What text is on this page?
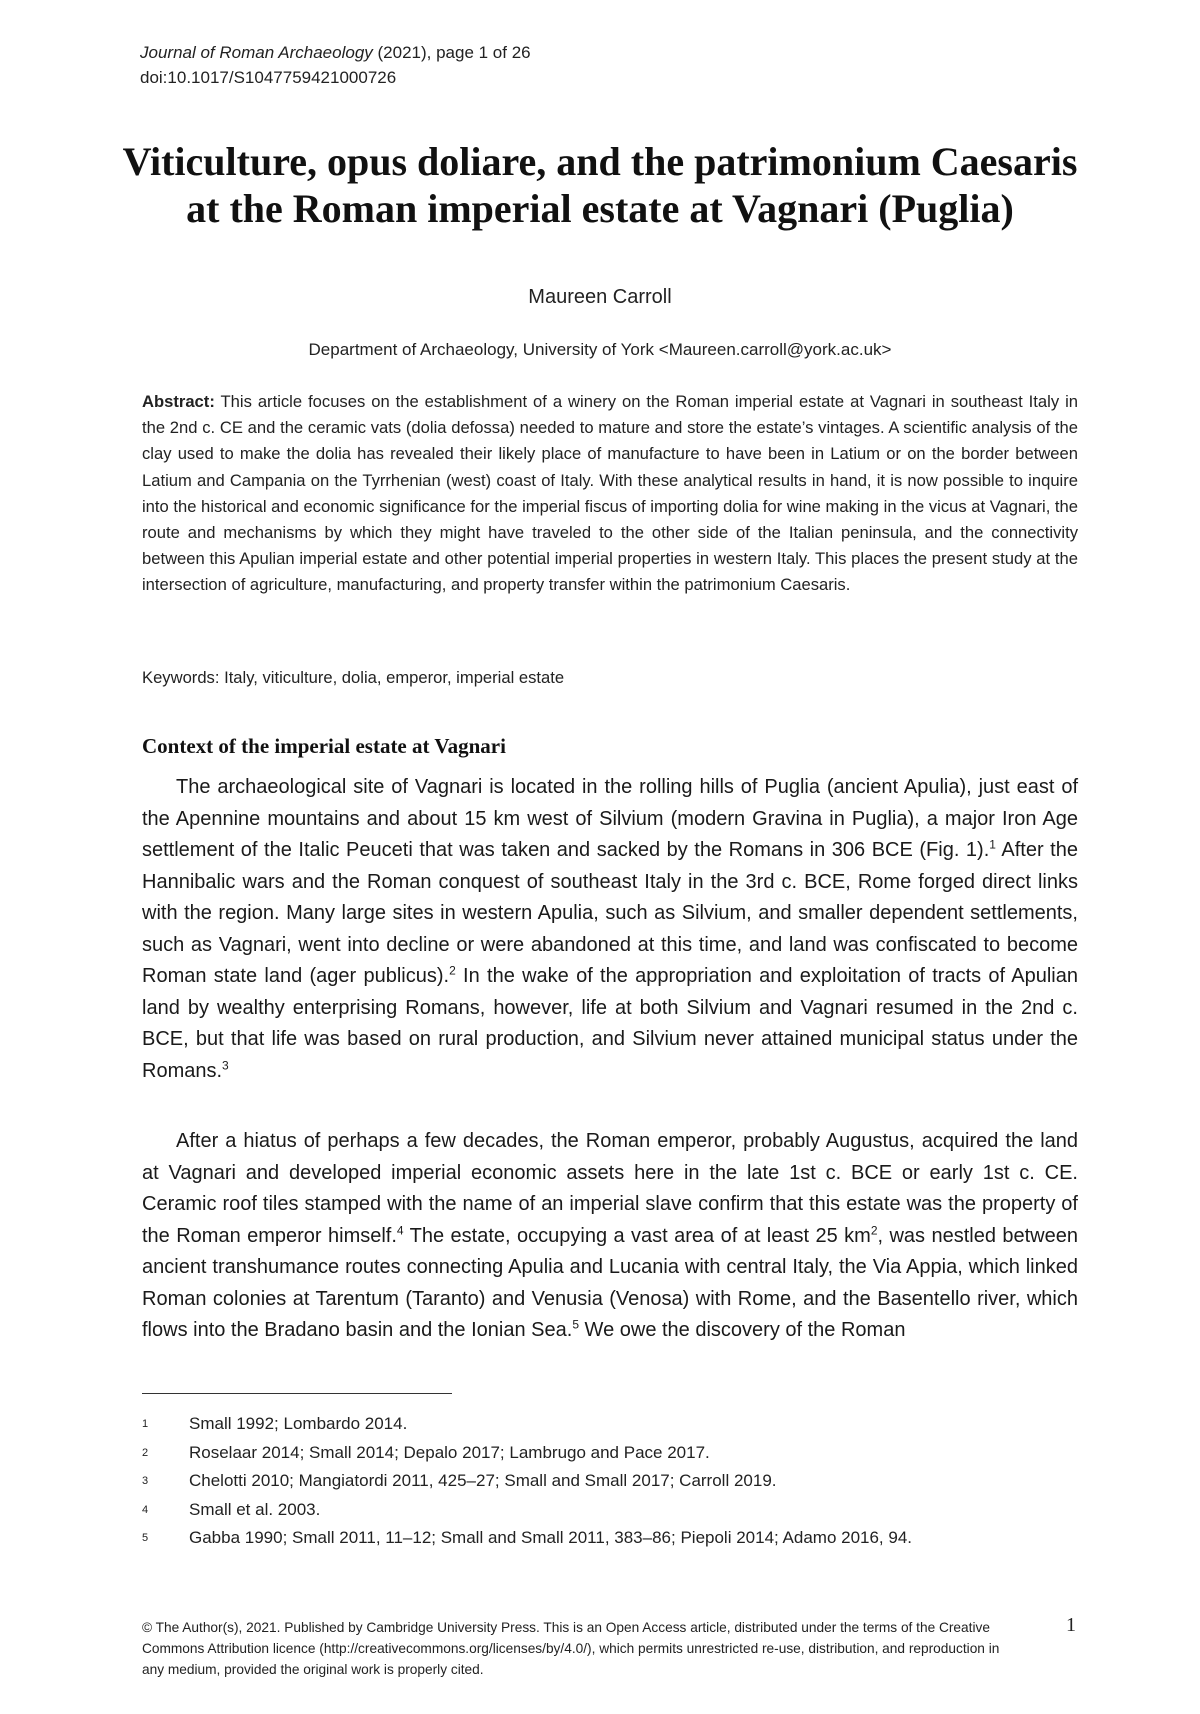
Journal of Roman Archaeology (2021), page 1 of 26
doi:10.1017/S1047759421000726
Viticulture, opus doliare, and the patrimonium Caesaris at the Roman imperial estate at Vagnari (Puglia)
Maureen Carroll
Department of Archaeology, University of York <Maureen.carroll@york.ac.uk>
Abstract: This article focuses on the establishment of a winery on the Roman imperial estate at Vagnari in southeast Italy in the 2nd c. CE and the ceramic vats (dolia defossa) needed to mature and store the estate’s vintages. A scientific analysis of the clay used to make the dolia has revealed their likely place of manufacture to have been in Latium or on the border between Latium and Campania on the Tyrrhenian (west) coast of Italy. With these analytical results in hand, it is now possible to inquire into the historical and economic significance for the imperial fiscus of importing dolia for wine making in the vicus at Vagnari, the route and mechanisms by which they might have traveled to the other side of the Italian peninsula, and the connectivity between this Apulian imperial estate and other potential imperial properties in western Italy. This places the present study at the intersection of agriculture, manufacturing, and property transfer within the patrimonium Caesaris.
Keywords: Italy, viticulture, dolia, emperor, imperial estate
Context of the imperial estate at Vagnari
The archaeological site of Vagnari is located in the rolling hills of Puglia (ancient Apulia), just east of the Apennine mountains and about 15 km west of Silvium (modern Gravina in Puglia), a major Iron Age settlement of the Italic Peuceti that was taken and sacked by the Romans in 306 BCE (Fig. 1).$^1$ After the Hannibalic wars and the Roman conquest of southeast Italy in the 3rd c. BCE, Rome forged direct links with the region. Many large sites in western Apulia, such as Silvium, and smaller dependent settlements, such as Vagnari, went into decline or were abandoned at this time, and land was confiscated to become Roman state land (ager publicus).$^2$ In the wake of the appropriation and exploitation of tracts of Apulian land by wealthy enterprising Romans, however, life at both Silvium and Vagnari resumed in the 2nd c. BCE, but that life was based on rural production, and Silvium never attained municipal status under the Romans.$^3$
After a hiatus of perhaps a few decades, the Roman emperor, probably Augustus, acquired the land at Vagnari and developed imperial economic assets here in the late 1st c. BCE or early 1st c. CE. Ceramic roof tiles stamped with the name of an imperial slave confirm that this estate was the property of the Roman emperor himself.$^4$ The estate, occupying a vast area of at least 25 $km^2$, was nestled between ancient transhumance routes connecting Apulia and Lucania with central Italy, the Via Appia, which linked Roman colonies at Tarentum (Taranto) and Venusia (Venosa) with Rome, and the Basentello river, which flows into the Bradano basin and the Ionian Sea.$^5$ We owe the discovery of the Roman
1	Small 1992; Lombardo 2014.
2	Roselaar 2014; Small 2014; Depalo 2017; Lambrugo and Pace 2017.
3	Chelotti 2010; Mangiatordi 2011, 425–27; Small and Small 2017; Carroll 2019.
4	Small et al. 2003.
5	Gabba 1990; Small 2011, 11–12; Small and Small 2011, 383–86; Piepoli 2014; Adamo 2016, 94.
© The Author(s), 2021. Published by Cambridge University Press. This is an Open Access article, distributed under the terms of the Creative Commons Attribution licence (http://creativecommons.org/licenses/by/4.0/), which permits unrestricted re-use, distribution, and reproduction in any medium, provided the original work is properly cited.
1
